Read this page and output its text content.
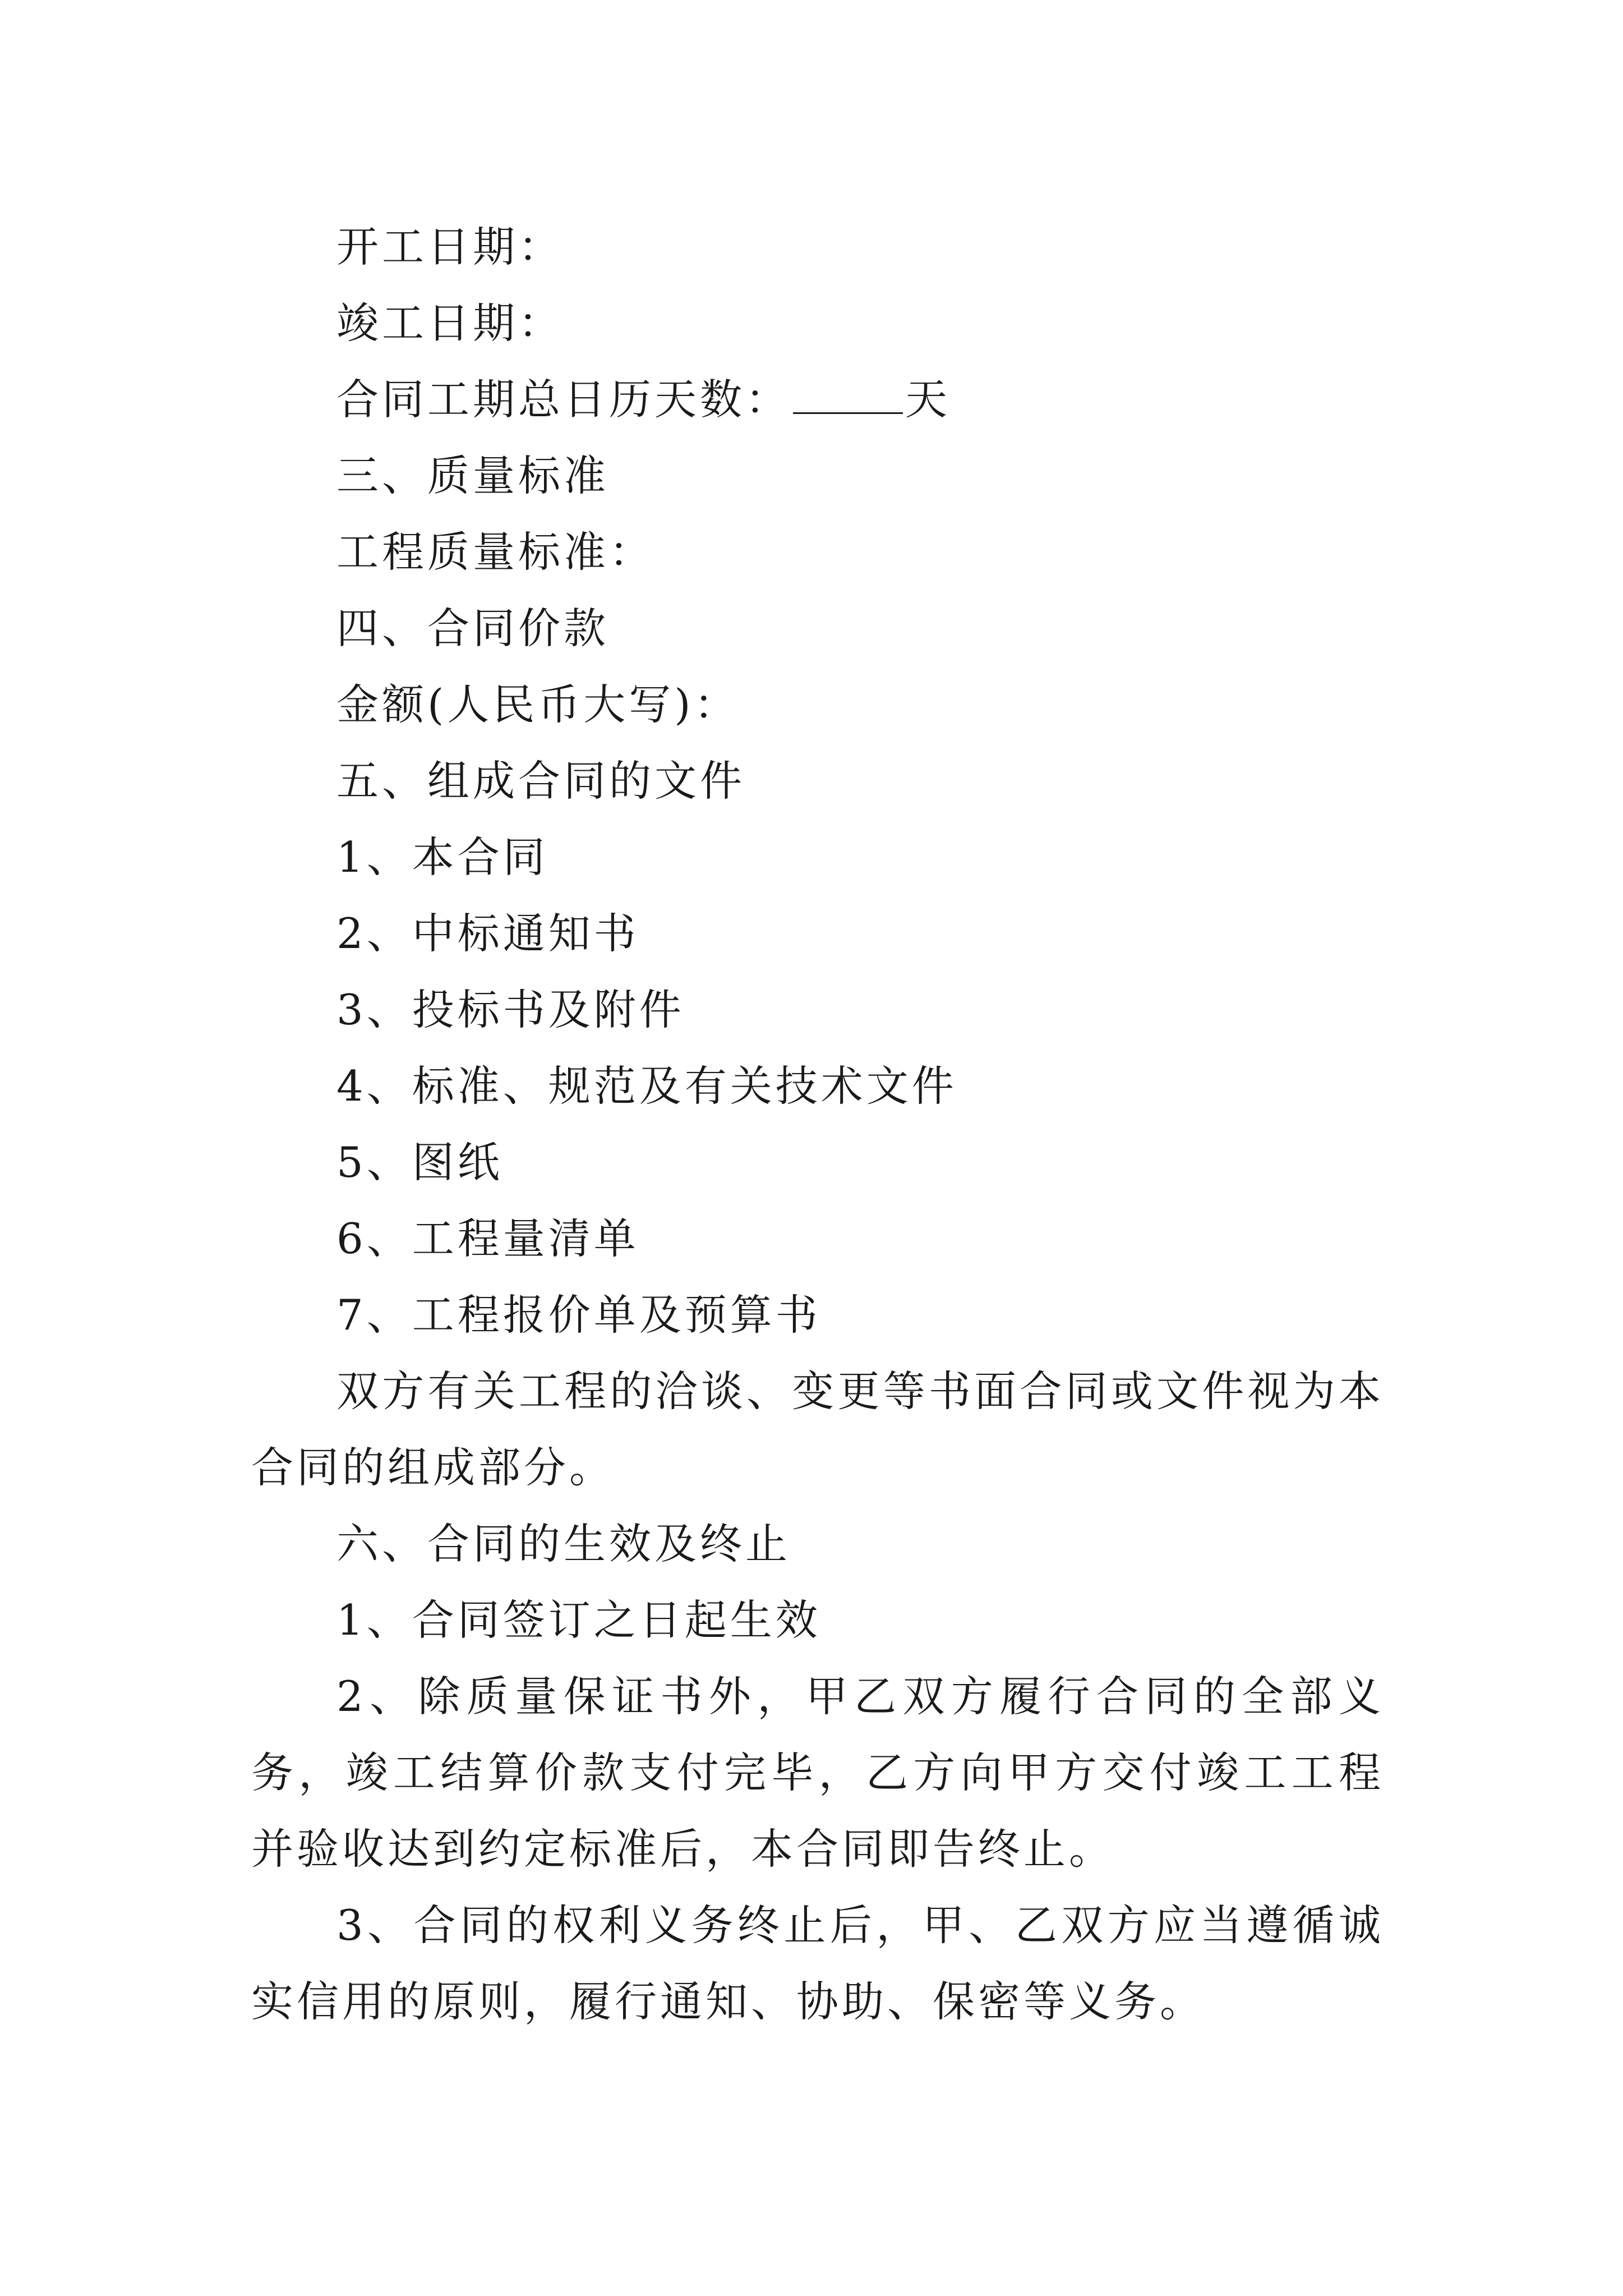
开工日期：
竣工日期：
合同工期总日历天数：	天
三、质量标准
工程质量标准：
四、合同价款
金额(人民币大写)：
五、组成合同的文件
1、本合同
2、中标通知书
3、投标书及附件
4、标准、规范及有关技术文件
5、图纸
6、工程量清单
7、工程报价单及预算书

双方有关工程的洽谈、变更等书面合同或文件视为本合同的组成部分。

六、合同的生效及终止
1、合同签订之日起生效

2、除质量保证书外，甲乙双方履行合同的全部义务，竣工结算价款支付完毕，乙方向甲方交付竣工工程并验收达到约定标准后，本合同即告终止。

3、合同的权利义务终止后，甲、乙双方应当遵循诚实信用的原则，履行通知、协助、保密等义务。
